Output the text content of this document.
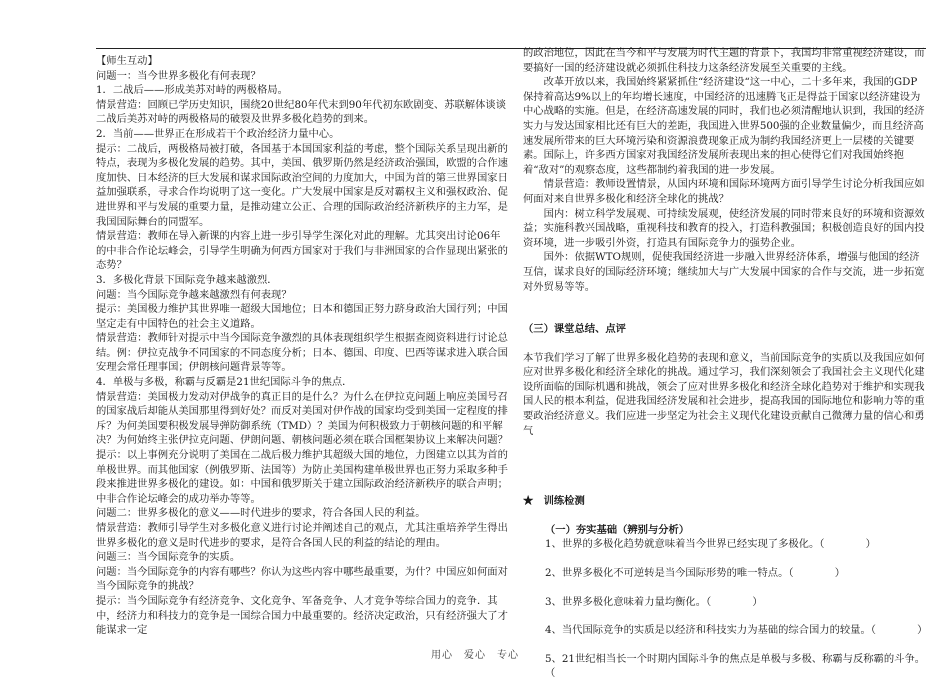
【师生互动】

问题一：当今世界多极化有何表现？

1．二战后——形成美苏对峙的两极格局。

情景营造：回顾已学历史知识，围绕20世纪80年代末到90年代初东欧剧变、苏联解体谈谈二战后美苏对峙的两极格局的破裂及世界多极化趋势的到来。

2．当前——世界正在形成若干个政治经济力量中心。

提示：二战后，两极格局被打破，各国基于本国国家利益的考虑，整个国际关系呈现出新的特点，表现为多极化发展的趋势。其中，美国、俄罗斯仍然是经济政治强国，欧盟的合作速度加快、日本经济的巨大发展和谋求国际政治空间的力度加大，中国为首的第三世界国家日益加强联系，寻求合作均说明了这一变化。广大发展中国家是反对霸权主义和强权政治、促进世界和平与发展的重要力量，是推动建立公正、合理的国际政治经济新秩序的主力军，是我国国际舞台的同盟军。

情景营造：教师在导入新课的内容上进一步引导学生深化对此的理解。尤其突出讨论06年的中非合作论坛峰会，引导学生明确为何西方国家对于我们与非洲国家的合作显现出紧张的态势？

3．多极化背景下国际竞争越来越激烈．

问题：当今国际竞争越来越激烈有何表现？

提示：美国极力维护其世界唯一超级大国地位；日本和德国正努力跻身政治大国行列；中国坚定走有中国特色的社会主义道路。

情景营造：教师针对提示中当今国际竞争激烈的具体表现组织学生根据查阅资料进行讨论总结。例：伊拉克战争不同国家的不同态度分析；日本、德国、印度、巴西等谋求进入联合国安理会常任理事国；伊朗核问题背景等等。

4．单极与多极，称霸与反霸是21世纪国际斗争的焦点．

情景营造：美国极力发动对伊战争的真正目的是什么？为什么在伊拉克问题上响应美国号召的国家战后却能从美国那里得到好处？而反对美国对伊作战的国家均受到美国一定程度的排斥？为何美国要积极发展导弹防御系统（TMD）？美国为何积极致力于朝核问题的和平解决？为何始终主张伊拉克问题、伊朗问题、朝核问题必须在联合国框架协议上来解决问题？

提示：以上事例充分说明了美国在二战后极力维护其超级大国的地位，力图建立以其为首的单极世界。而其他国家（例俄罗斯、法国等）为防止美国构建单极世界也正努力采取多种手段来推进世界多极化的建设。如：中国和俄罗斯关于建立国际政治经济新秩序的联合声明；中非合作论坛峰会的成功举办等等。

问题二：世界多极化的意义——时代进步的要求，符合各国人民的利益。

情景营造：教师引导学生对多极化意义进行讨论并阐述自己的观点，尤其注重培养学生得出世界多极化的意义是时代进步的要求，是符合各国人民的利益的结论的理由。

问题三：当今国际竞争的实质。

问题：当今国际竞争的内容有哪些？你认为这些内容中哪些最重要，为什？中国应如何面对当今国际竞争的挑战？

提示：当今国际竞争有经济竞争、文化竞争、军备竞争、人才竞争等综合国力的竞争．其中，经济力和科技力的竞争是一国综合国力中最重要的。经济决定政治，只有经济强大了才能谋求一定

的政治地位，因此在当今和平与发展为时代主题的背景下，我国均非常重视经济建设，而要搞好一国的经济建设就必须抓住科技力这条经济发展至关重要的主线。

改革开放以来，我国始终紧紧抓住“经济建设“这一中心，二十多年来，我国的GDP保持着高达9%以上的年均增长速度，中国经济的迅速腾飞正是得益于国家以经济建设为中心战略的实施。但是，在经济高速发展的同时，我们也必须清醒地认识到，我国的经济实力与发达国家相比还有巨大的差距，我国进入世界500强的企业数量偏少，而且经济高速发展所带来的巨大环境污染和资源浪费现象正成为制约我国经济更上一层楼的关键要素。国际上，许多西方国家对我国经济发展所表现出来的担心使得它们对我国始终抱着“敌对”的观察态度，这些都制约着我国的进一步发展。

情景营造：教师设置情景，从国内环境和国际环境两方面引导学生讨论分析我国应如何面对来自世界多极化和经济全球化的挑战？

国内：树立科学发展观、可持续发展观，使经济发展的同时带来良好的环境和资源效益；实施科教兴国战略，重视科技和教育的投入，打造科教强国；积极创造良好的国内投资环境，进一步吸引外资，打造具有国际竞争力的强势企业。

国外：依据WTO规则，促使我国经济进一步融入世界经济体系，增强与他国的经济互信，谋求良好的国际经济环境；继续加大与广大发展中国家的合作与交流，进一步拓宽对外贸易等等。

（三）课堂总结、点评

本节我们学习了解了世界多极化趋势的表现和意义，当前国际竞争的实质以及我国应如何应对世界多极化和经济全球化的挑战。通过学习，我们深刻领会了我国社会主义现代化建设所面临的国际机遇和挑战，领会了应对世界多极化和经济全球化趋势对于维护和实现我国人民的根本利益，促进我国经济发展和社会进步，提高我国的国际地位和影响力等的重要政治经济意义。我们应进一步坚定为社会主义现代化建设贡献自己微薄力量的信心和勇气

★　训练检测

（一）夯实基础（辨别与分析）

1、世界的多极化趋势就意味着当今世界已经实现了多极化。（　　　　）

2、世界多极化不可逆转是当今国际形势的唯一特点。（　　　　）

3、世界多极化意味着力量均衡化。（　　　　）

4、当代国际竞争的实质是以经济和科技实力为基础的综合国力的较量。（　　　　）

5、21世纪相当长一个时期内国际斗争的焦点是单极与多极、称霸与反称霸的斗争。（

用心　爱心　专心
